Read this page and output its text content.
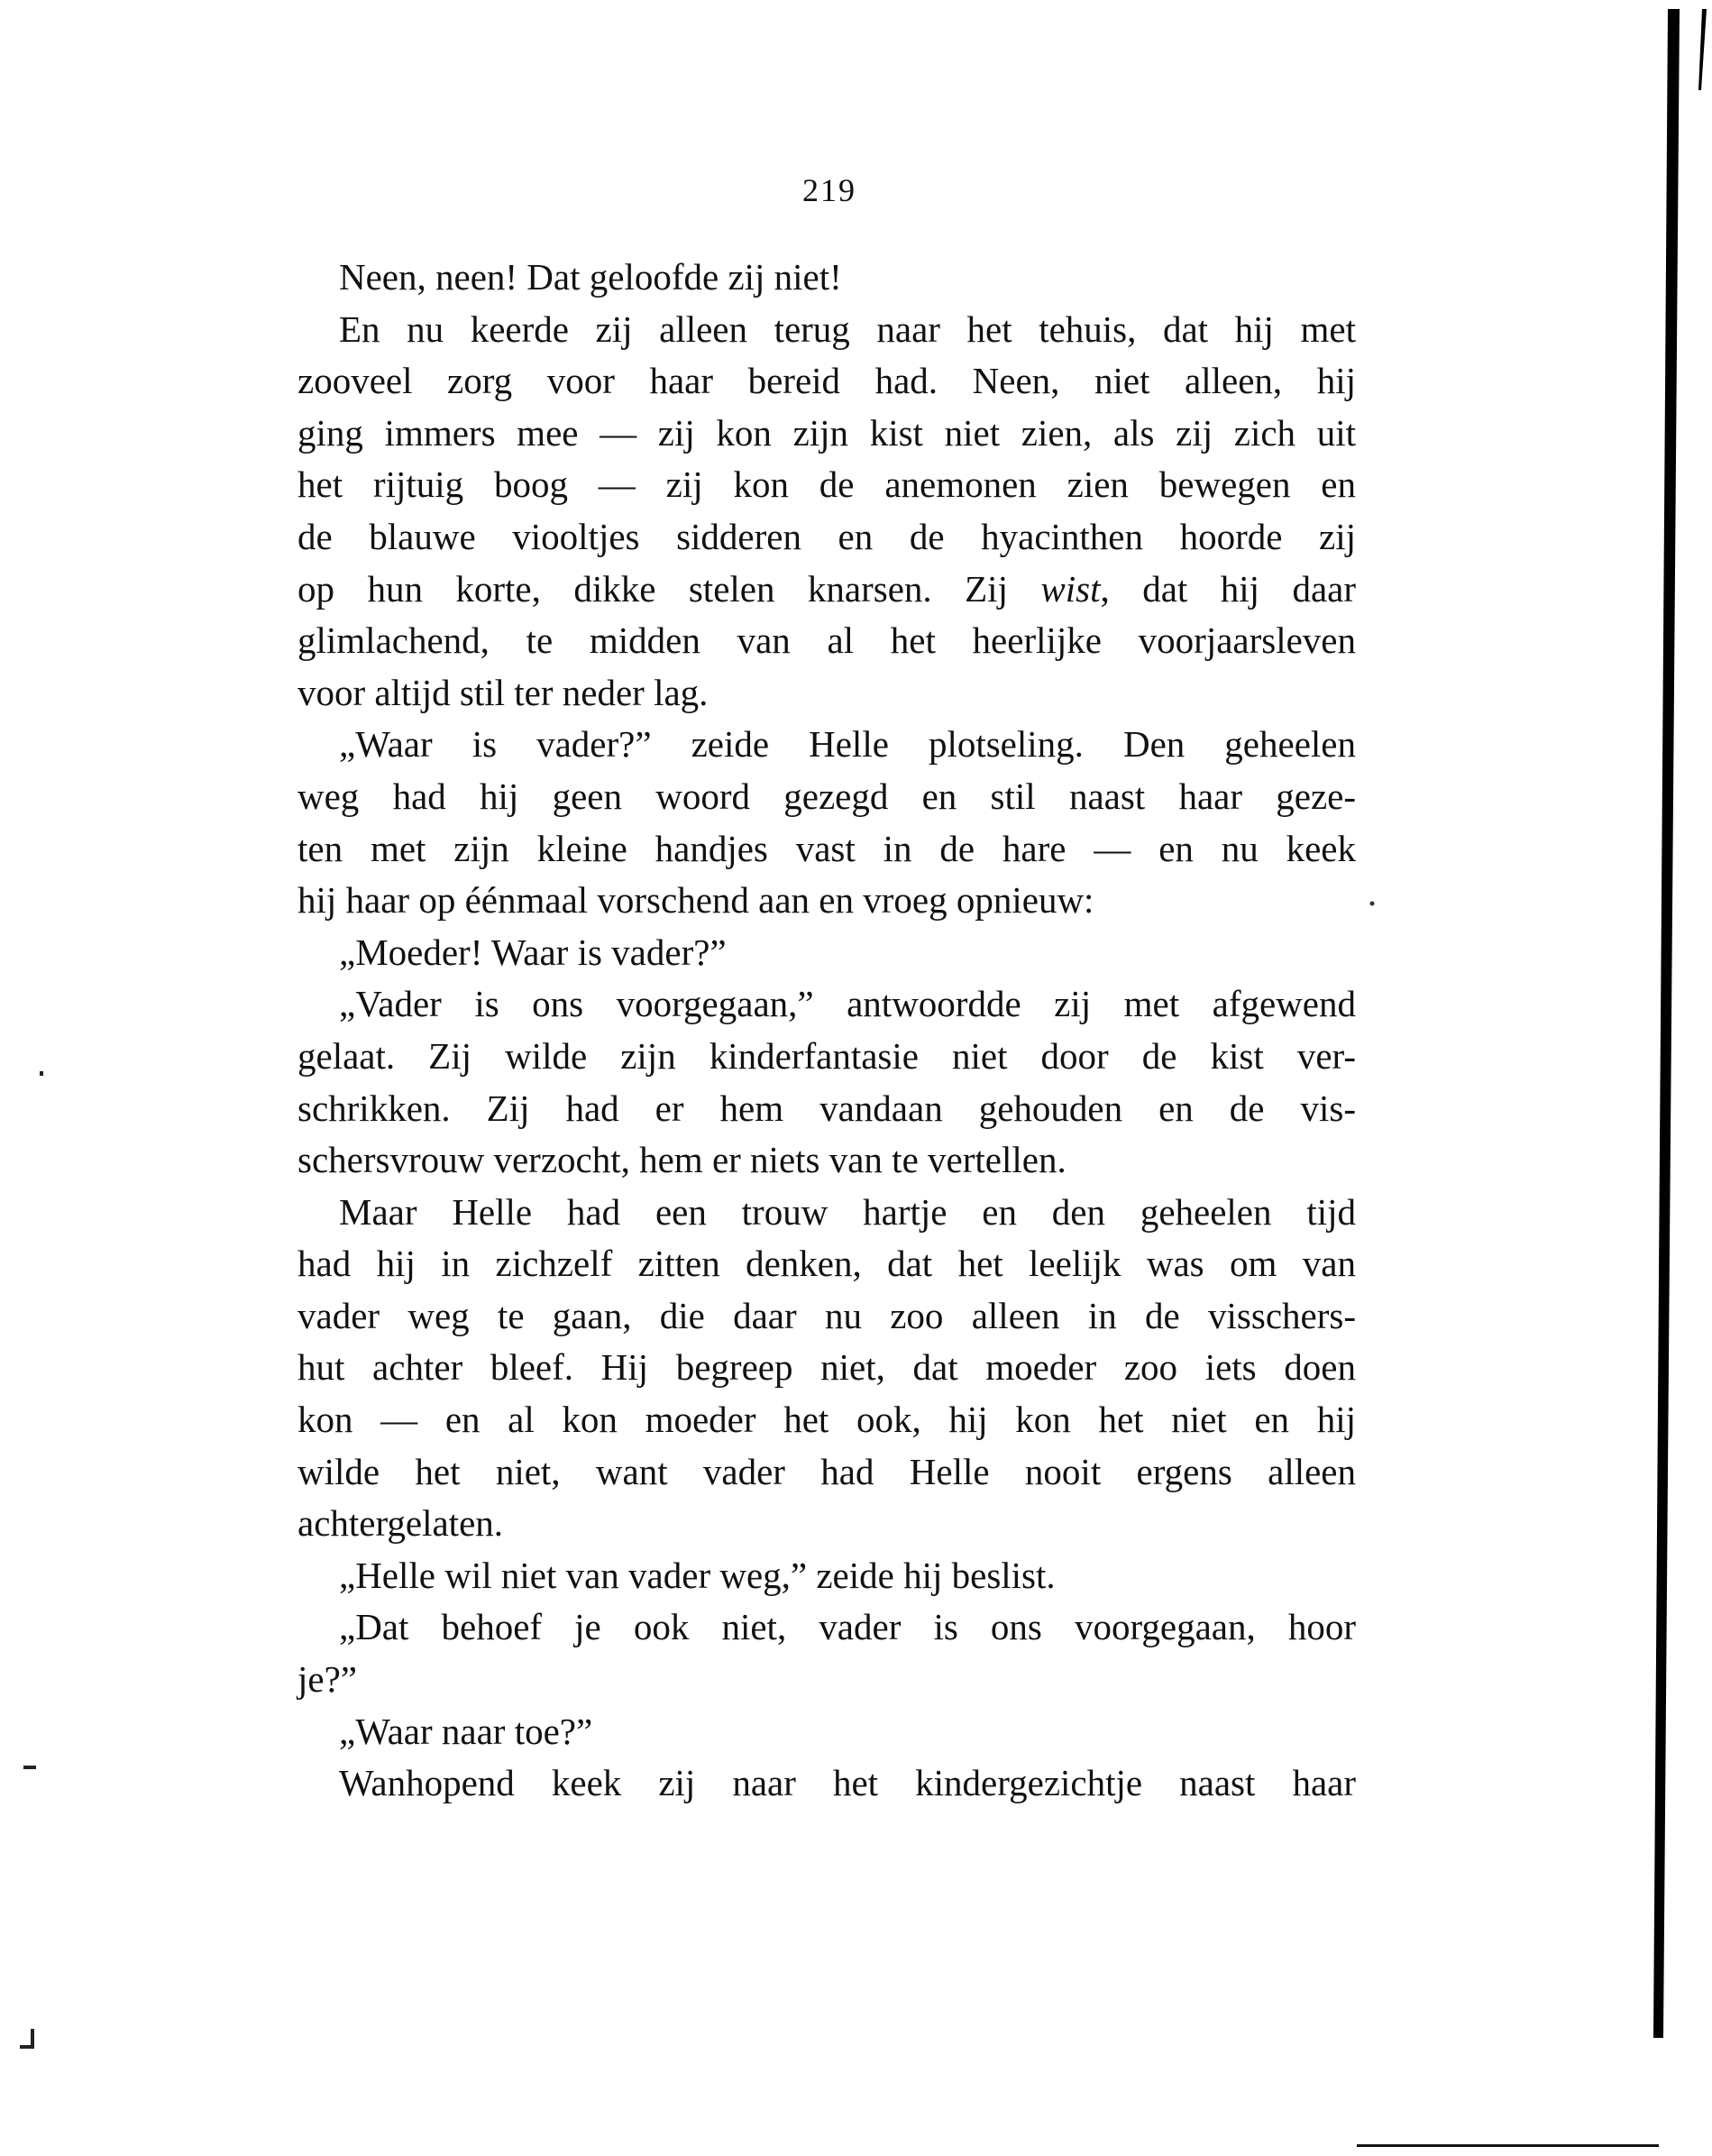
219
Neen, neen! Dat geloofde zij niet!
En nu keerde zij alleen terug naar het tehuis, dat hij met
zooveel zorg voor haar bereid had. Neen, niet alleen, hij
ging immers mee — zij kon zijn kist niet zien, als zij zich uit
het rijtuig boog — zij kon de anemonen zien bewegen en
de blauwe viooltjes sidderen en de hyacinthen hoorde zij
op hun korte, dikke stelen knarsen. Zij wist, dat hij daar
glimlachend, te midden van al het heerlijke voorjaarsleven
voor altijd stil ter neder lag.
„Waar is vader?” zeide Helle plotseling. Den geheelen
weg had hij geen woord gezegd en stil naast haar geze-
ten met zijn kleine handjes vast in de hare — en nu keek
hij haar op éénmaal vorschend aan en vroeg opnieuw:
„Moeder! Waar is vader?”
„Vader is ons voorgegaan,” antwoordde zij met afgewend
gelaat. Zij wilde zijn kinderfantasie niet door de kist ver-
schrikken. Zij had er hem vandaan gehouden en de vis-
schersvrouw verzocht, hem er niets van te vertellen.
Maar Helle had een trouw hartje en den geheelen tijd
had hij in zichzelf zitten denken, dat het leelijk was om van
vader weg te gaan, die daar nu zoo alleen in de visschers-
hut achter bleef. Hij begreep niet, dat moeder zoo iets doen
kon — en al kon moeder het ook, hij kon het niet en hij
wilde het niet, want vader had Helle nooit ergens alleen
achtergelaten.
„Helle wil niet van vader weg,” zeide hij beslist.
„Dat behoef je ook niet, vader is ons voorgegaan, hoor
je?”
„Waar naar toe?”
Wanhopend keek zij naar het kindergezichtje naast haar
